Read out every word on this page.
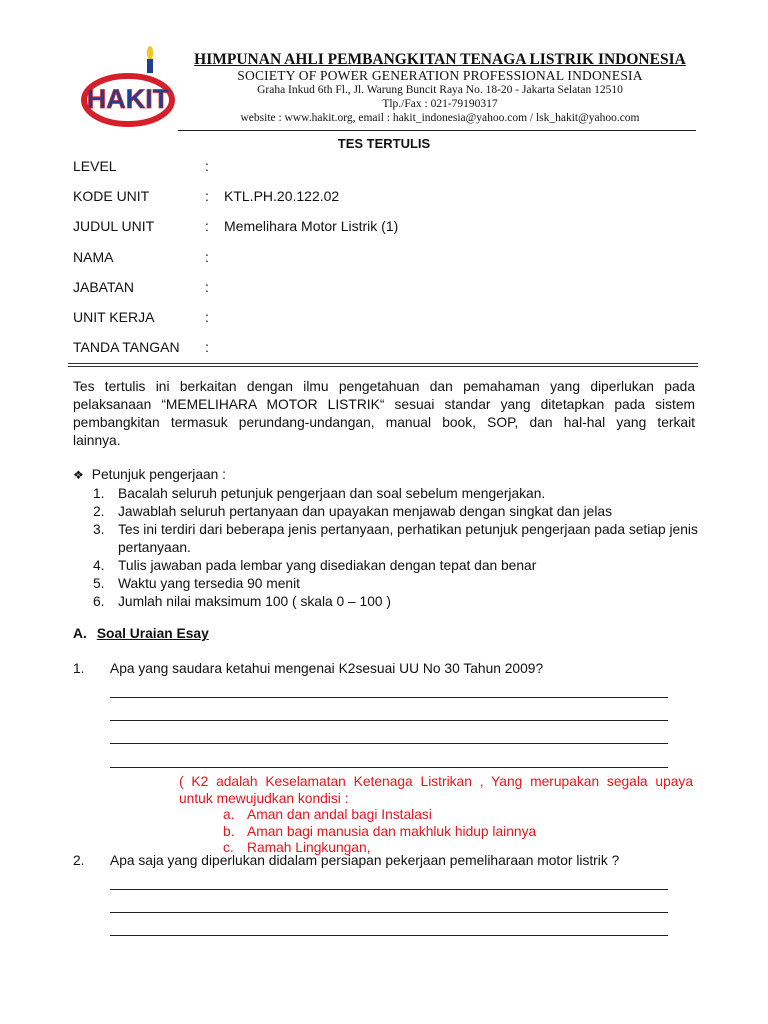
HAKIT
HIMPUNAN AHLI PEMBANGKITAN TENAGA LISTRIK INDONESIA
SOCIETY OF POWER GENERATION PROFESSIONAL INDONESIA
Graha Inkud 6th Fl., Jl. Warung Buncit Raya No. 18-20 - Jakarta Selatan 12510
Tlp./Fax : 021-79190317
website : www.hakit.org, email : hakit_indonesia@yahoo.com / lsk_hakit@yahoo.com
TES TERTULIS
LEVEL	:
KODE UNIT	: KTL.PH.20.122.02
JUDUL UNIT	: Memelihara Motor Listrik (1)
NAMA	:
JABATAN	:
UNIT KERJA	:
TANDA TANGAN :
Tes tertulis ini berkaitan dengan ilmu pengetahuan dan pemahaman yang diperlukan pada
pelaksanaan “MEMELIHARA MOTOR LISTRIK“ sesuai standar yang ditetapkan pada sistem
pembangkitan termasuk perundang-undangan, manual book, SOP, dan hal-hal yang terkait
lainnya.
❖ Petunjuk pengerjaan :
1. Bacalah seluruh petunjuk pengerjaan dan soal sebelum mengerjakan.
2. Jawablah seluruh pertanyaan dan upayakan menjawab dengan singkat dan jelas
3. Tes ini terdiri dari beberapa jenis pertanyaan, perhatikan petunjuk pengerjaan pada setiap jenis pertanyaan.
4. Tulis jawaban pada lembar yang disediakan dengan tepat dan benar
5. Waktu yang tersedia 90 menit
6. Jumlah nilai maksimum 100 ( skala 0 – 100 )
A. Soal Uraian Esay
1. Apa yang saudara ketahui mengenai K2sesuai UU No 30 Tahun 2009?
( K2 adalah Keselamatan Ketenaga Listrikan , Yang merupakan segala upaya
untuk mewujudkan kondisi :
a. Aman dan andal bagi Instalasi
b. Aman bagi manusia dan makhluk hidup lainnya
c. Ramah Lingkungan,
2. Apa saja yang diperlukan didalam persiapan pekerjaan pemeliharaan motor listrik ?
